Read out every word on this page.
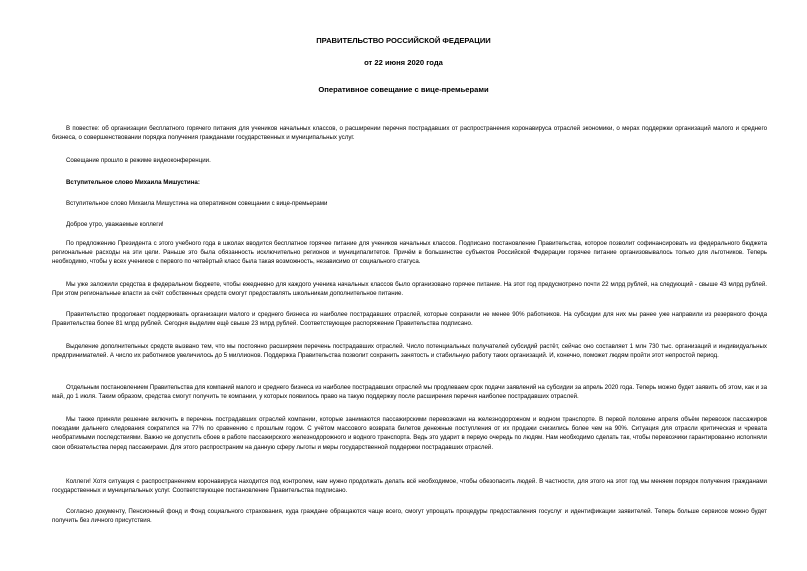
ПРАВИТЕЛЬСТВО РОССИЙСКОЙ ФЕДЕРАЦИИ
от 22 июня 2020 года
Оперативное совещание с вице-премьерами
В повестке: об организации бесплатного горячего питания для учеников начальных классов, о расширении перечня пострадавших от распространения коронавируса отраслей экономики, о мерах поддержки организаций малого и среднего бизнеса, о совершенствовании порядка получения гражданами государственных и муниципальных услуг.
Совещание прошло в режиме видеоконференции.
Вступительное слово Михаила Мишустина:
Вступительное слово Михаила Мишустина на оперативном совещании с вице-премьерами
Доброе утро, уважаемые коллеги!
По предложению Президента с этого учебного года в школах вводится бесплатное горячее питание для учеников начальных классов. Подписано постановление Правительства, которое позволит софинансировать из федерального бюджета региональные расходы на эти цели. Раньше это была обязанность исключительно регионов и муниципалитетов. Причём в большинстве субъектов Российской Федерации горячее питание организовывалось только для льготников. Теперь необходимо, чтобы у всех учеников с первого по четвёртый класс была такая возможность, независимо от социального статуса.
Мы уже заложили средства в федеральном бюджете, чтобы ежедневно для каждого ученика начальных классов было организовано горячее питание. На этот год предусмотрено почти 22 млрд рублей, на следующий - свыше 43 млрд рублей. При этом региональные власти за счёт собственных средств смогут предоставлять школьникам дополнительное питание.
Правительство продолжает поддерживать организации малого и среднего бизнеса из наиболее пострадавших отраслей, которые сохранили не менее 90% работников. На субсидии для них мы ранее уже направили из резервного фонда Правительства более 81 млрд рублей. Сегодня выделим ещё свыше 23 млрд рублей. Соответствующее распоряжение Правительства подписано.
Выделение дополнительных средств вызвано тем, что мы постоянно расширяем перечень пострадавших отраслей. Число потенциальных получателей субсидий растёт, сейчас оно составляет 1 млн 730 тыс. организаций и индивидуальных предпринимателей. А число их работников увеличилось до 5 миллионов. Поддержка Правительства позволит сохранить занятость и стабильную работу таких организаций. И, конечно, поможет людям пройти этот непростой период.
Отдельным постановлением Правительства для компаний малого и среднего бизнеса из наиболее пострадавших отраслей мы продлеваем срок подачи заявлений на субсидии за апрель 2020 года. Теперь можно будет заявить об этом, как и за май, до 1 июля. Таким образом, средства смогут получить те компании, у которых появилось право на такую поддержку после расширения перечня наиболее пострадавших отраслей.
Мы также приняли решение включить в перечень пострадавших отраслей компании, которые занимаются пассажирскими перевозками на железнодорожном и водном транспорте. В первой половине апреля объём перевозок пассажиров поездами дальнего следования сократился на 77% по сравнению с прошлым годом. С учётом массового возврата билетов денежные поступления от их продажи снизились более чем на 90%. Ситуация для отрасли критическая и чревата необратимыми последствиями. Важно не допустить сбоев в работе пассажирского железнодорожного и водного транспорта. Ведь это ударит в первую очередь по людям. Нам необходимо сделать так, чтобы перевозчики гарантированно исполняли свои обязательства перед пассажирами. Для этого распространим на данную сферу льготы и меры государственной поддержки пострадавших отраслей.
Коллеги! Хотя ситуация с распространением коронавируса находится под контролем, нам нужно продолжать делать всё необходимое, чтобы обезопасить людей. В частности, для этого на этот год мы меняем порядок получения гражданами государственных и муниципальных услуг. Соответствующее постановление Правительства подписано.
Согласно документу, Пенсионный фонд и Фонд социального страхования, куда граждане обращаются чаще всего, смогут упрощать процедуры предоставления госуслуг и идентификации заявителей. Теперь больше сервисов можно будет получить без личного присутствия.
